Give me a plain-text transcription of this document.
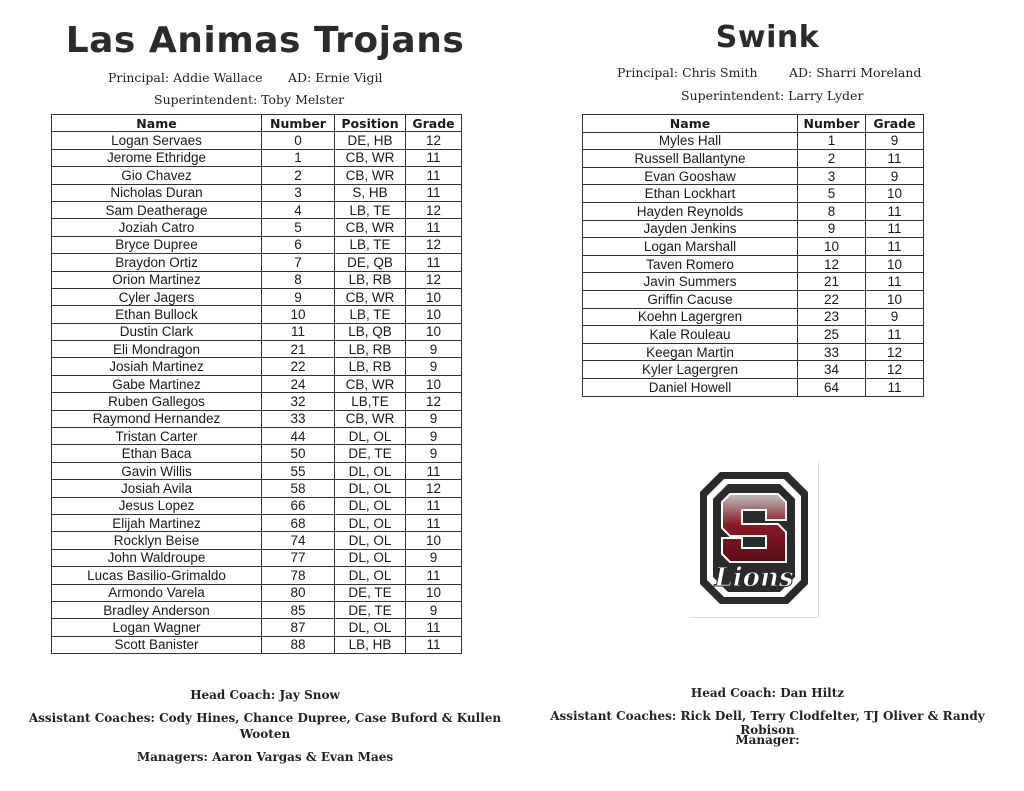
Las Animas Trojans
Principal: Addie Wallace AD: Ernie Vigil
Superintendent: Toby Melster
Name	Number	Position	Grade
Logan Servaes	0	DE, HB	12
Jerome Ethridge	1	CB, WR	11
Gio Chavez	2	CB, WR	11
Nicholas Duran	3	S, HB	11
Sam Deatherage	4	LB, TE	12
Joziah Catro	5	CB, WR	11
Bryce Dupree	6	LB, TE	12
Braydon Ortiz	7	DE, QB	11
Orion Martinez	8	LB, RB	12
Cyler Jagers	9	CB, WR	10
Ethan Bullock	10	LB, TE	10
Dustin Clark	11	LB, QB	10
Eli Mondragon	21	LB, RB	9
Josiah Martinez	22	LB, RB	9
Gabe Martinez	24	CB, WR	10
Ruben Gallegos	32	LB,TE	12
Raymond Hernandez	33	CB, WR	9
Tristan Carter	44	DL, OL	9
Ethan Baca	50	DE, TE	9
Gavin Willis	55	DL, OL	11
Josiah Avila	58	DL, OL	12
Jesus Lopez	66	DL, OL	11
Elijah Martinez	68	DL, OL	11
Rocklyn Beise	74	DL, OL	10
John Waldroupe	77	DL, OL	9
Lucas Basilio-Grimaldo	78	DL, OL	11
Armondo Varela	80	DE, TE	10
Bradley Anderson	85	DE, TE	9
Logan Wagner	87	DL, OL	11
Scott Banister	88	LB, HB	11
Head Coach: Jay Snow
Assistant Coaches: Cody Hines, Chance Dupree, Case Buford & Kullen
Wooten
Managers: Aaron Vargas & Evan Maes
Swink
Principal: Chris Smith	AD: Sharri Moreland
Superintendent: Larry Lyder
Name	Number	Grade
Myles Hall	1	9
Russell Ballantyne	2	11
Evan Gooshaw	3	9
Ethan Lockhart	5	10
Hayden Reynolds	8	11
Jayden Jenkins	9	11
Logan Marshall	10	11
Taven Romero	12	10
Javin Summers	21	11
Griffin Cacuse	22	10
Koehn Lagergren	23	9
Kale Rouleau	25	11
Keegan Martin	33	12
Kyler Lagergren	34	12
Daniel Howell	64	11
Lions
Head Coach: Dan Hiltz
Assistant Coaches: Rick Dell, Terry Clodfelter, TJ Oliver & Randy Robison
Manager:
